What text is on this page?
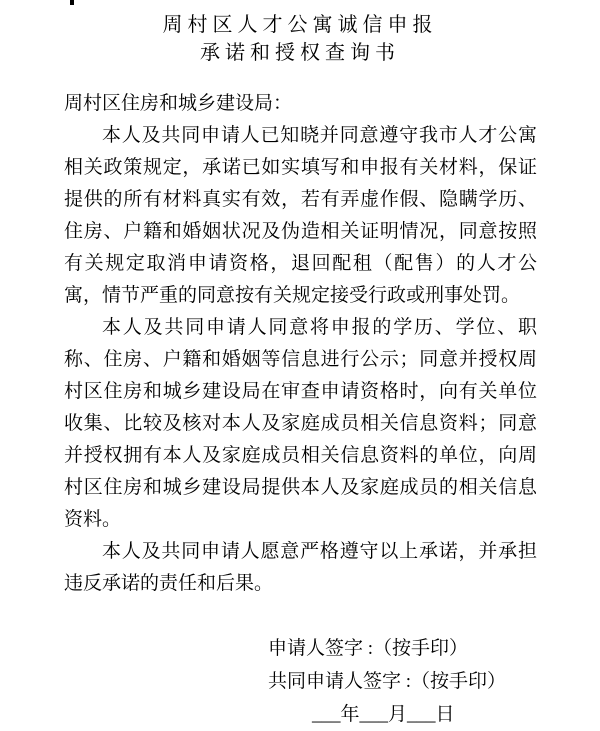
周村区人才公寓诚信申报
承诺和授权查询书

周村区住房和城乡建设局：

本人及共同申请人已知晓并同意遵守我市人才公寓相关政策规定，承诺已如实填写和申报有关材料，保证提供的所有材料真实有效，若有弄虚作假、隐瞒学历、住房、户籍和婚姻状况及伪造相关证明情况，同意按照有关规定取消申请资格，退回配租（配售）的人才公寓，情节严重的同意按有关规定接受行政或刑事处罚。

本人及共同申请人同意将申报的学历、学位、职称、住房、户籍和婚姻等信息进行公示；同意并授权周村区住房和城乡建设局在审查申请资格时，向有关单位收集、比较及核对本人及家庭成员相关信息资料；同意并授权拥有本人及家庭成员相关信息资料的单位，向周村区住房和城乡建设局提供本人及家庭成员的相关信息资料。

本人及共同申请人愿意严格遵守以上承诺，并承担违反承诺的责任和后果。

申请人签字 :（按手印）
共同申请人签字 :（按手印）
___年___月___日
